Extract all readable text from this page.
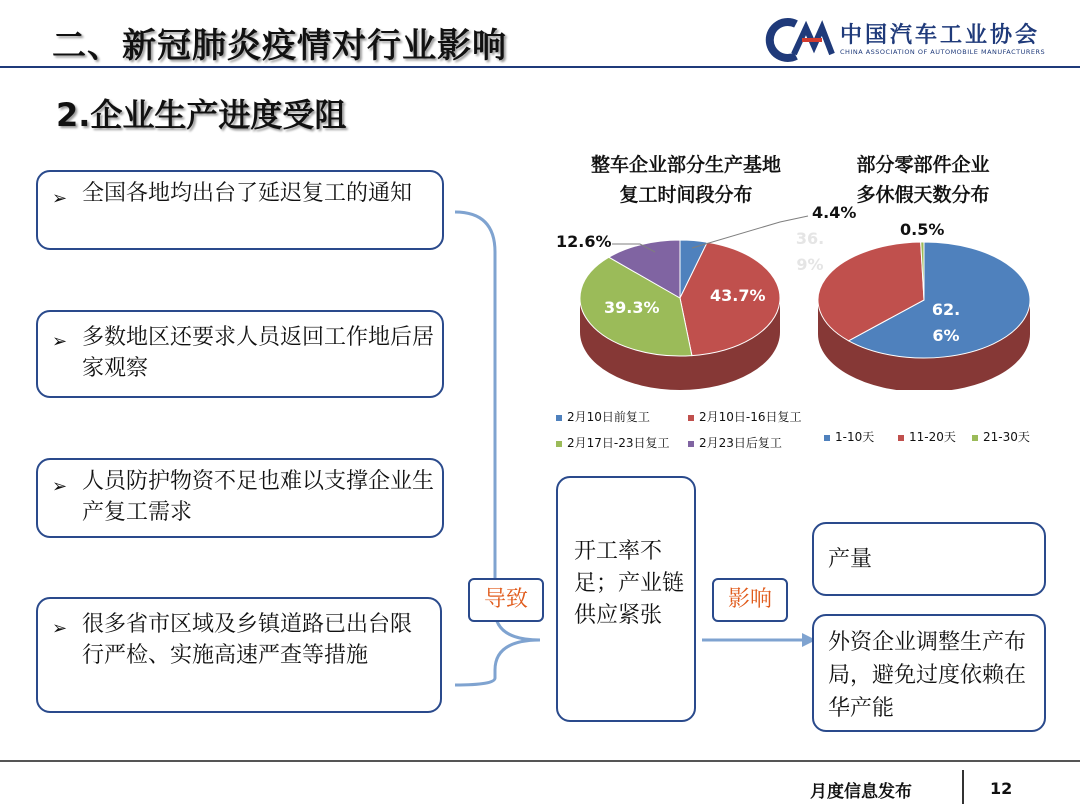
二、新冠肺炎疫情对行业影响	中国汽车工业协会
CHINA ASSOCIATION OF AUTOMOBILE MANUFACTURERS
2.企业生产进度受阻
➢ 全国各地均出台了延迟复工的通知
➢ 多数地区还要求人员返回工作地后居家观察
➢ 人员防护物资不足也难以支撑企业生产复工需求
➢ 很多省市区域及乡镇道路已出台限行严检、实施高速严查等措施
导致	影响
开工率不足；产业链供应紧张
产量
外资企业调整生产布局，避免过度依赖在华产能
整车企业部分生产基地
复工时间段分布
4.4%
43.7%
39.3%
12.6%
2月10日前复工	2月10日-16日复工
2月17日-23日复工	2月23日后复工
部分零部件企业
多休假天数分布
36.9%
0.5%
62.6%
1-10天	11-20天	21-30天
月度信息发布	12
